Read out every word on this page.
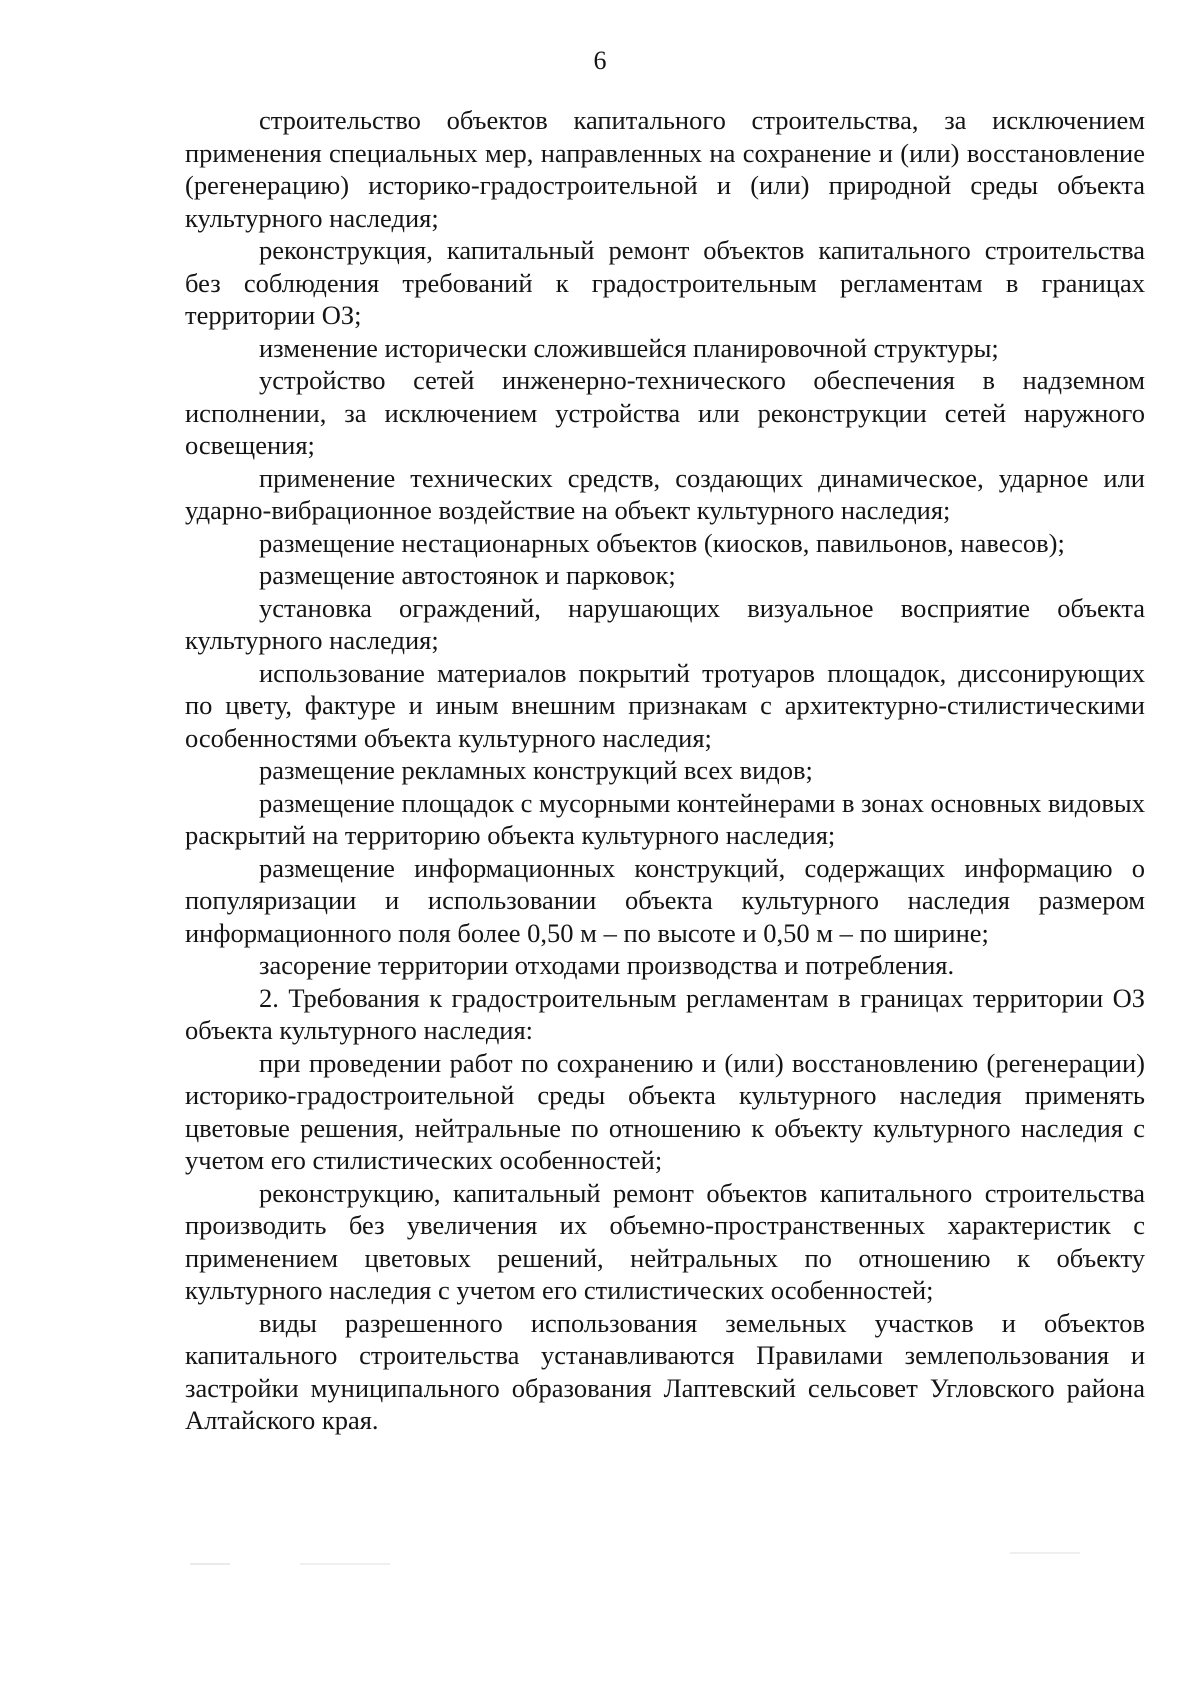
6

строительство объектов капитального строительства, за исключением применения специальных мер, направленных на сохранение и (или) восстановление (регенерацию) историко-градостроительной и (или) природной среды объекта культурного наследия;

реконструкция, капитальный ремонт объектов капитального строительства без соблюдения требований к градостроительным регламентам в границах территории ОЗ;

изменение исторически сложившейся планировочной структуры;

устройство сетей инженерно-технического обеспечения в надземном исполнении, за исключением устройства или реконструкции сетей наружного освещения;

применение технических средств, создающих динамическое, ударное или ударно-вибрационное воздействие на объект культурного наследия;

размещение нестационарных объектов (киосков, павильонов, навесов);

размещение автостоянок и парковок;

установка ограждений, нарушающих визуальное восприятие объекта культурного наследия;

использование материалов покрытий тротуаров площадок, диссонирующих по цвету, фактуре и иным внешним признакам с архитектурно-стилистическими особенностями объекта культурного наследия;

размещение рекламных конструкций всех видов;

размещение площадок с мусорными контейнерами в зонах основных видовых раскрытий на территорию объекта культурного наследия;

размещение информационных конструкций, содержащих информацию о популяризации и использовании объекта культурного наследия размером информационного поля более 0,50 м – по высоте и 0,50 м – по ширине;

засорение территории отходами производства и потребления.

2. Требования к градостроительным регламентам в границах территории ОЗ объекта культурного наследия:

при проведении работ по сохранению и (или) восстановлению (регенерации) историко-градостроительной среды объекта культурного наследия применять цветовые решения, нейтральные по отношению к объекту культурного наследия с учетом его стилистических особенностей;

реконструкцию, капитальный ремонт объектов капитального строительства производить без увеличения их объемно-пространственных характеристик с применением цветовых решений, нейтральных по отношению к объекту культурного наследия с учетом его стилистических особенностей;

виды разрешенного использования земельных участков и объектов капитального строительства устанавливаются Правилами землепользования и застройки муниципального образования Лаптевский сельсовет Угловского района Алтайского края.
